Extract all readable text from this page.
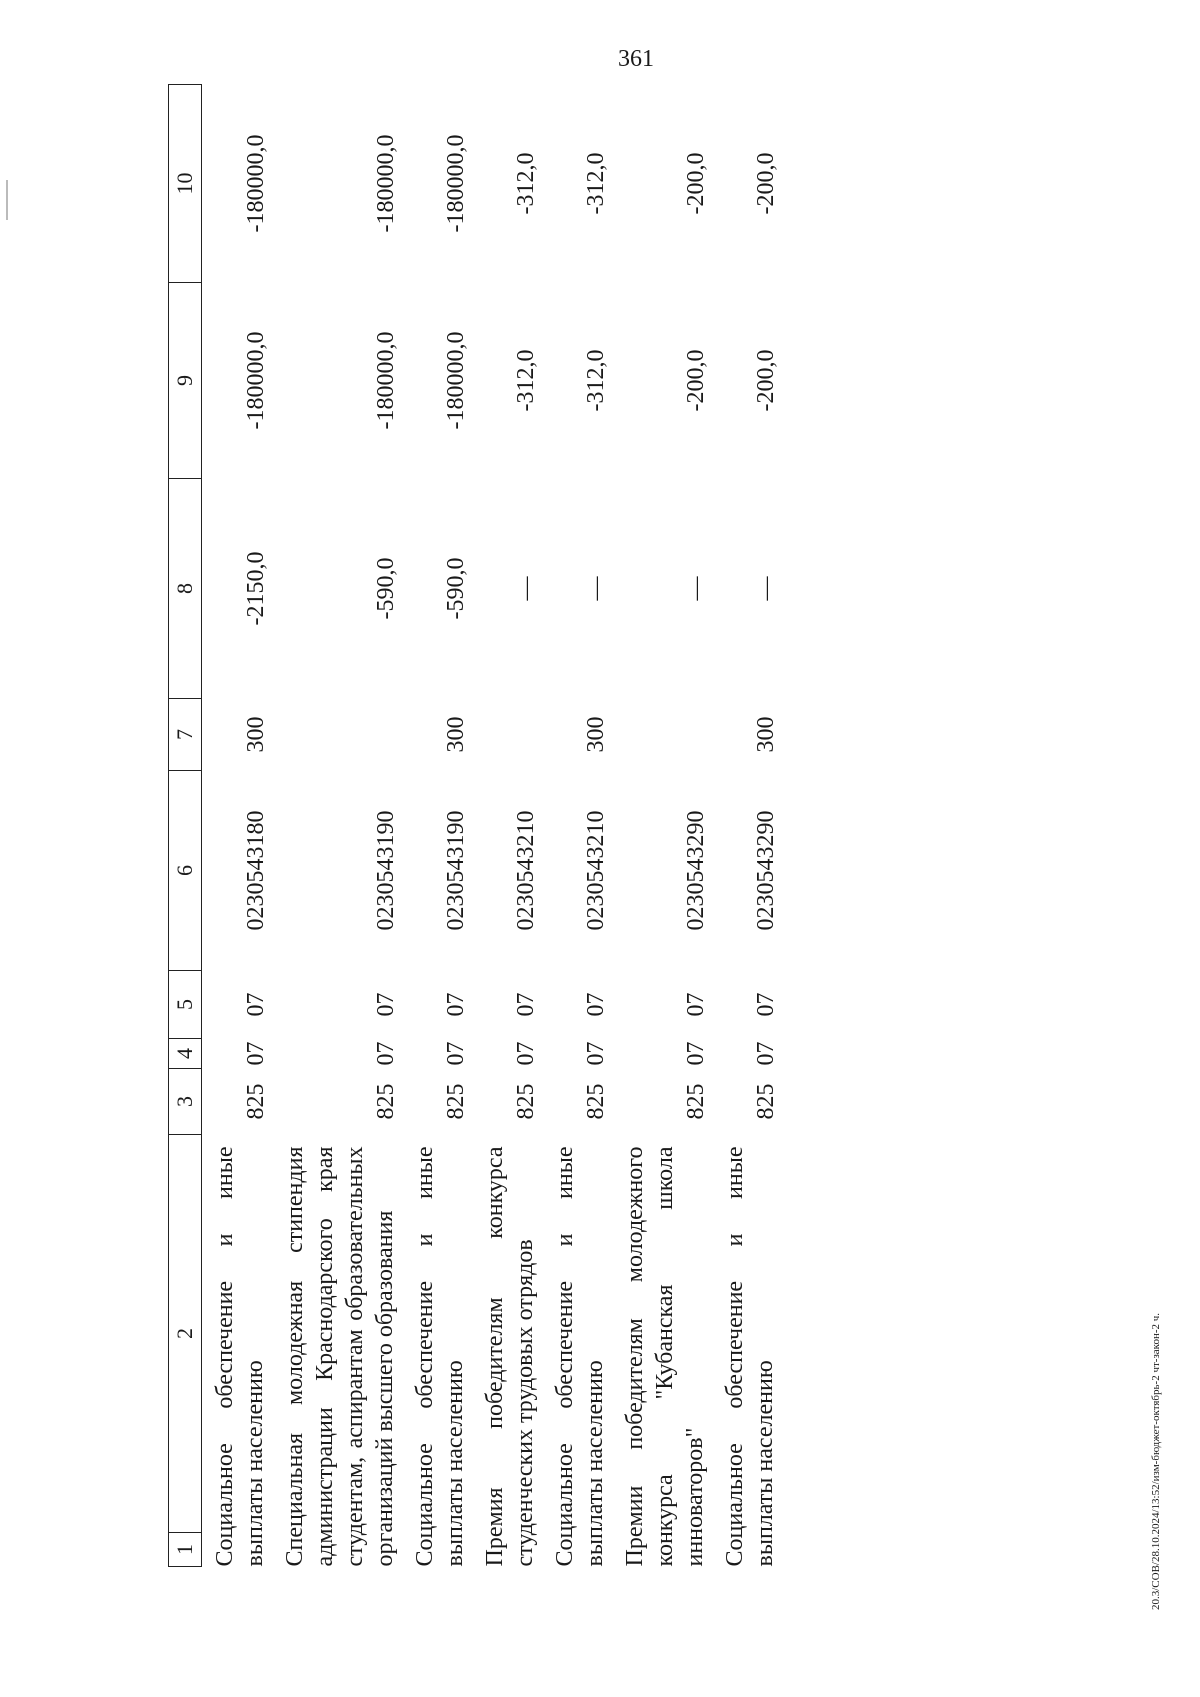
361
1	2	3	4	5	6	7	8	9	10
Социальное обеспечение и иные выплаты населению		825	07	07	0230543180	300	-2150,0	-180000,0	-180000,0
Специальная молодежная стипендия администрации Краснодарского края студентам, аспирантам образовательных организаций высшего образования		825	07	07	0230543190		-590,0	-180000,0	-180000,0
Социальное обеспечение и иные выплаты населению		825	07	07	0230543190	300	-590,0	-180000,0	-180000,0
Премия победителям конкурса студенческих трудовых отрядов		825	07	07	0230543210		—	-312,0	-312,0
Социальное обеспечение и иные выплаты населению		825	07	07	0230543210	300	—	-312,0	-312,0
Премии победителям молодежного конкурса "Кубанская школа инноваторов"		825	07	07	0230543290		—	-200,0	-200,0
Социальное обеспечение и иные выплаты населению		825	07	07	0230543290	300	—	-200,0	-200,0
20.3/СОВ/28.10.2024/13:52/изм-бюджет-октябрь-2 чт-закон-2 ч.
